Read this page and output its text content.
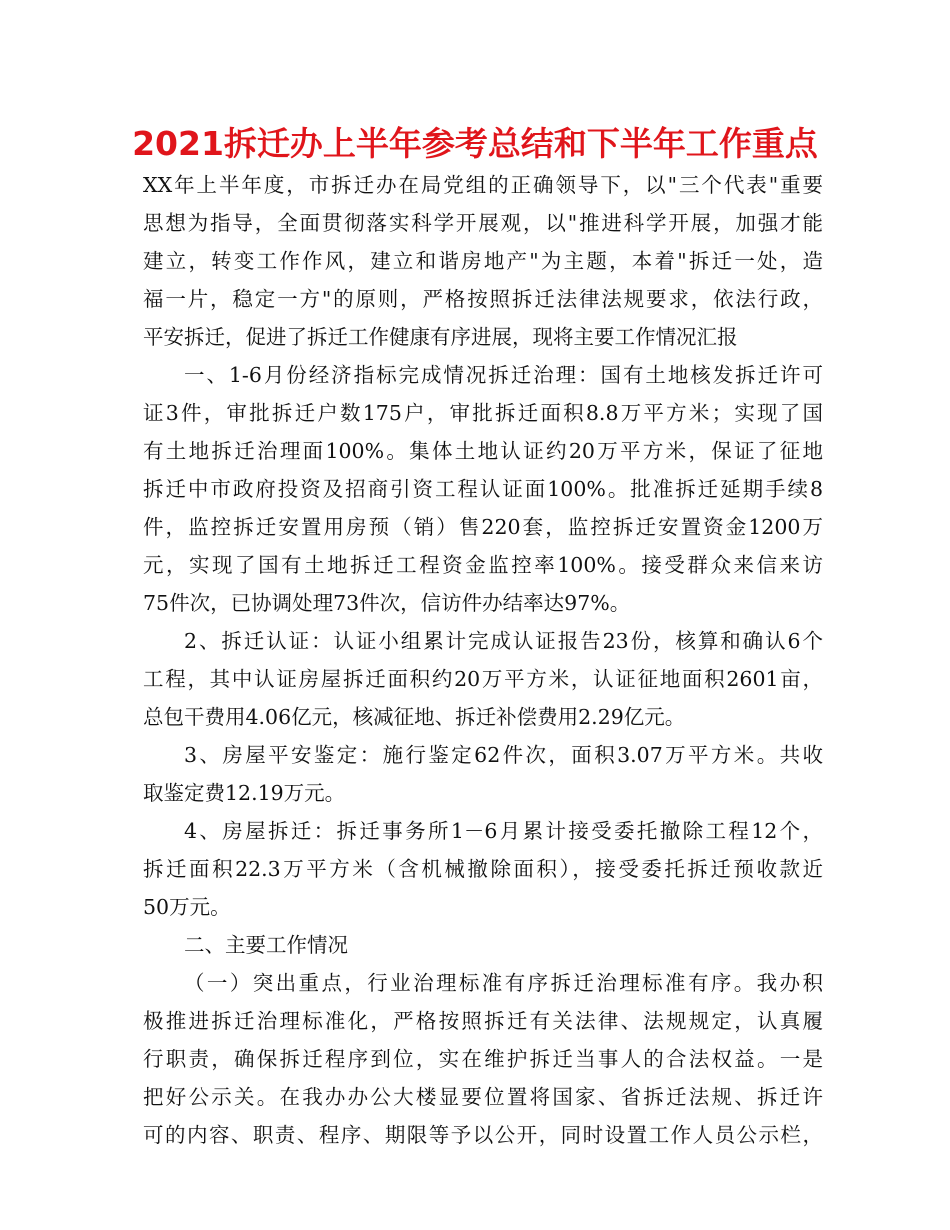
2021拆迁办上半年参考总结和下半年工作重点

XX年上半年度，市拆迁办在局党组的正确领导下，以"三个代表"重要

思想为指导，全面贯彻落实科学开展观，以"推进科学开展，加强才能

建立，转变工作作风，建立和谐房地产"为主题，本着"拆迁一处，造

福一片，稳定一方"的原则，严格按照拆迁法律法规要求，依法行政，

平安拆迁，促进了拆迁工作健康有序进展，现将主要工作情况汇报

一、1-6月份经济指标完成情况拆迁治理：国有土地核发拆迁许可

证3件，审批拆迁户数175户，审批拆迁面积8.8万平方米；实现了国

有土地拆迁治理面100%。集体土地认证约20万平方米，保证了征地

拆迁中市政府投资及招商引资工程认证面100%。批准拆迁延期手续8

件，监控拆迁安置用房预（销）售220套，监控拆迁安置资金1200万

元，实现了国有土地拆迁工程资金监控率100%。接受群众来信来访

75件次，已协调处理73件次，信访件办结率达97%。

2、拆迁认证：认证小组累计完成认证报告23份，核算和确认6个

工程，其中认证房屋拆迁面积约20万平方米，认证征地面积2601亩，

总包干费用4.06亿元，核减征地、拆迁补偿费用2.29亿元。

3、房屋平安鉴定：施行鉴定62件次，面积3.07万平方米。共收

取鉴定费12.19万元。

4、房屋拆迁：拆迁事务所1－6月累计接受委托撤除工程12个，

拆迁面积22.3万平方米（含机械撤除面积），接受委托拆迁预收款近

50万元。

二、主要工作情况

（一）突出重点，行业治理标准有序拆迁治理标准有序。我办积

极推进拆迁治理标准化，严格按照拆迁有关法律、法规规定，认真履

行职责，确保拆迁程序到位，实在维护拆迁当事人的合法权益。一是

把好公示关。在我办办公大楼显要位置将国家、省拆迁法规、拆迁许

可的内容、职责、程序、期限等予以公开，同时设置工作人员公示栏，
